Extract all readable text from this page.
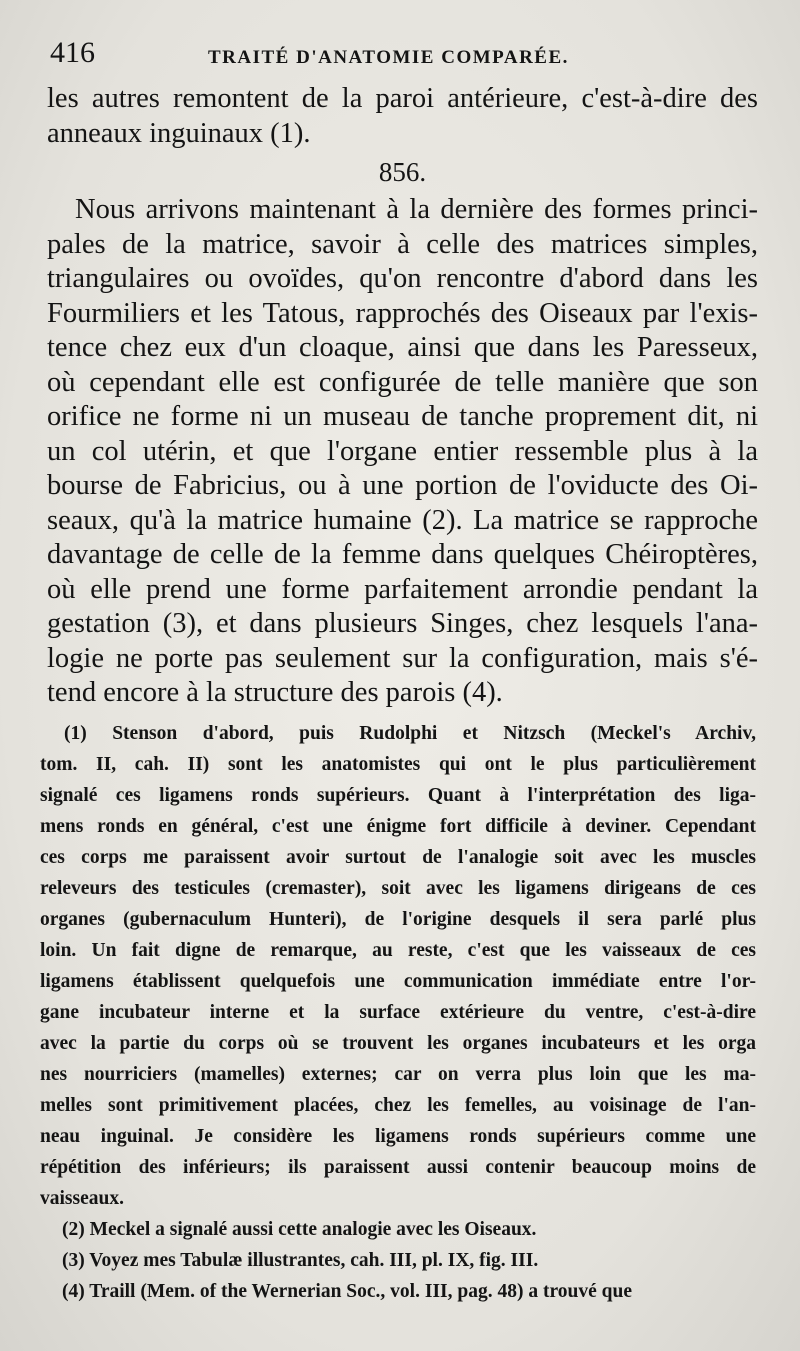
416	TRAITÉ D'ANATOMIE COMPARÉE.
les autres remontent de la paroi antérieure, c'est-à-dire des
anneaux inguinaux (1).
856.
Nous arrivons maintenant à la dernière des formes princi-
pales de la matrice, savoir à celle des matrices simples,
triangulaires ou ovoïdes, qu'on rencontre d'abord dans les
Fourmiliers et les Tatous, rapprochés des Oiseaux par l'exis-
tence chez eux d'un cloaque, ainsi que dans les Paresseux,
où cependant elle est configurée de telle manière que son
orifice ne forme ni un museau de tanche proprement dit, ni
un col utérin, et que l'organe entier ressemble plus à la
bourse de Fabricius, ou à une portion de l'oviducte des Oi-
seaux, qu'à la matrice humaine (2). La matrice se rapproche
davantage de celle de la femme dans quelques Chéiroptères,
où elle prend une forme parfaitement arrondie pendant la
gestation (3), et dans plusieurs Singes, chez lesquels l'ana-
logie ne porte pas seulement sur la configuration, mais s'é-
tend encore à la structure des parois (4).
(1) Stenson d'abord, puis Rudolphi et Nitzsch (Meckel's Archiv,
tom. II, cah. II) sont les anatomistes qui ont le plus particulièrement
signalé ces ligamens ronds supérieurs. Quant à l'interprétation des liga-
mens ronds en général, c'est une énigme fort difficile à deviner. Cependant
ces corps me paraissent avoir surtout de l'analogie soit avec les muscles
releveurs des testicules (cremaster), soit avec les ligamens dirigeans de ces
organes (gubernaculum Hunteri), de l'origine desquels il sera parlé plus
loin. Un fait digne de remarque, au reste, c'est que les vaisseaux de ces
ligamens établissent quelquefois une communication immédiate entre l'or-
gane incubateur interne et la surface extérieure du ventre, c'est-à-dire
avec la partie du corps où se trouvent les organes incubateurs et les orga
nes nourriciers (mamelles) externes; car on verra plus loin que les ma-
melles sont primitivement placées, chez les femelles, au voisinage de l'an-
neau inguinal. Je considère les ligamens ronds supérieurs comme une
répétition des inférieurs; ils paraissent aussi contenir beaucoup moins de
vaisseaux.
(2) Meckel a signalé aussi cette analogie avec les Oiseaux.
(3) Voyez mes Tabulæ illustrantes, cah. III, pl. IX, fig. III.
(4) Traill (Mem. of the Wernerian Soc., vol. III, pag. 48) a trouvé que
